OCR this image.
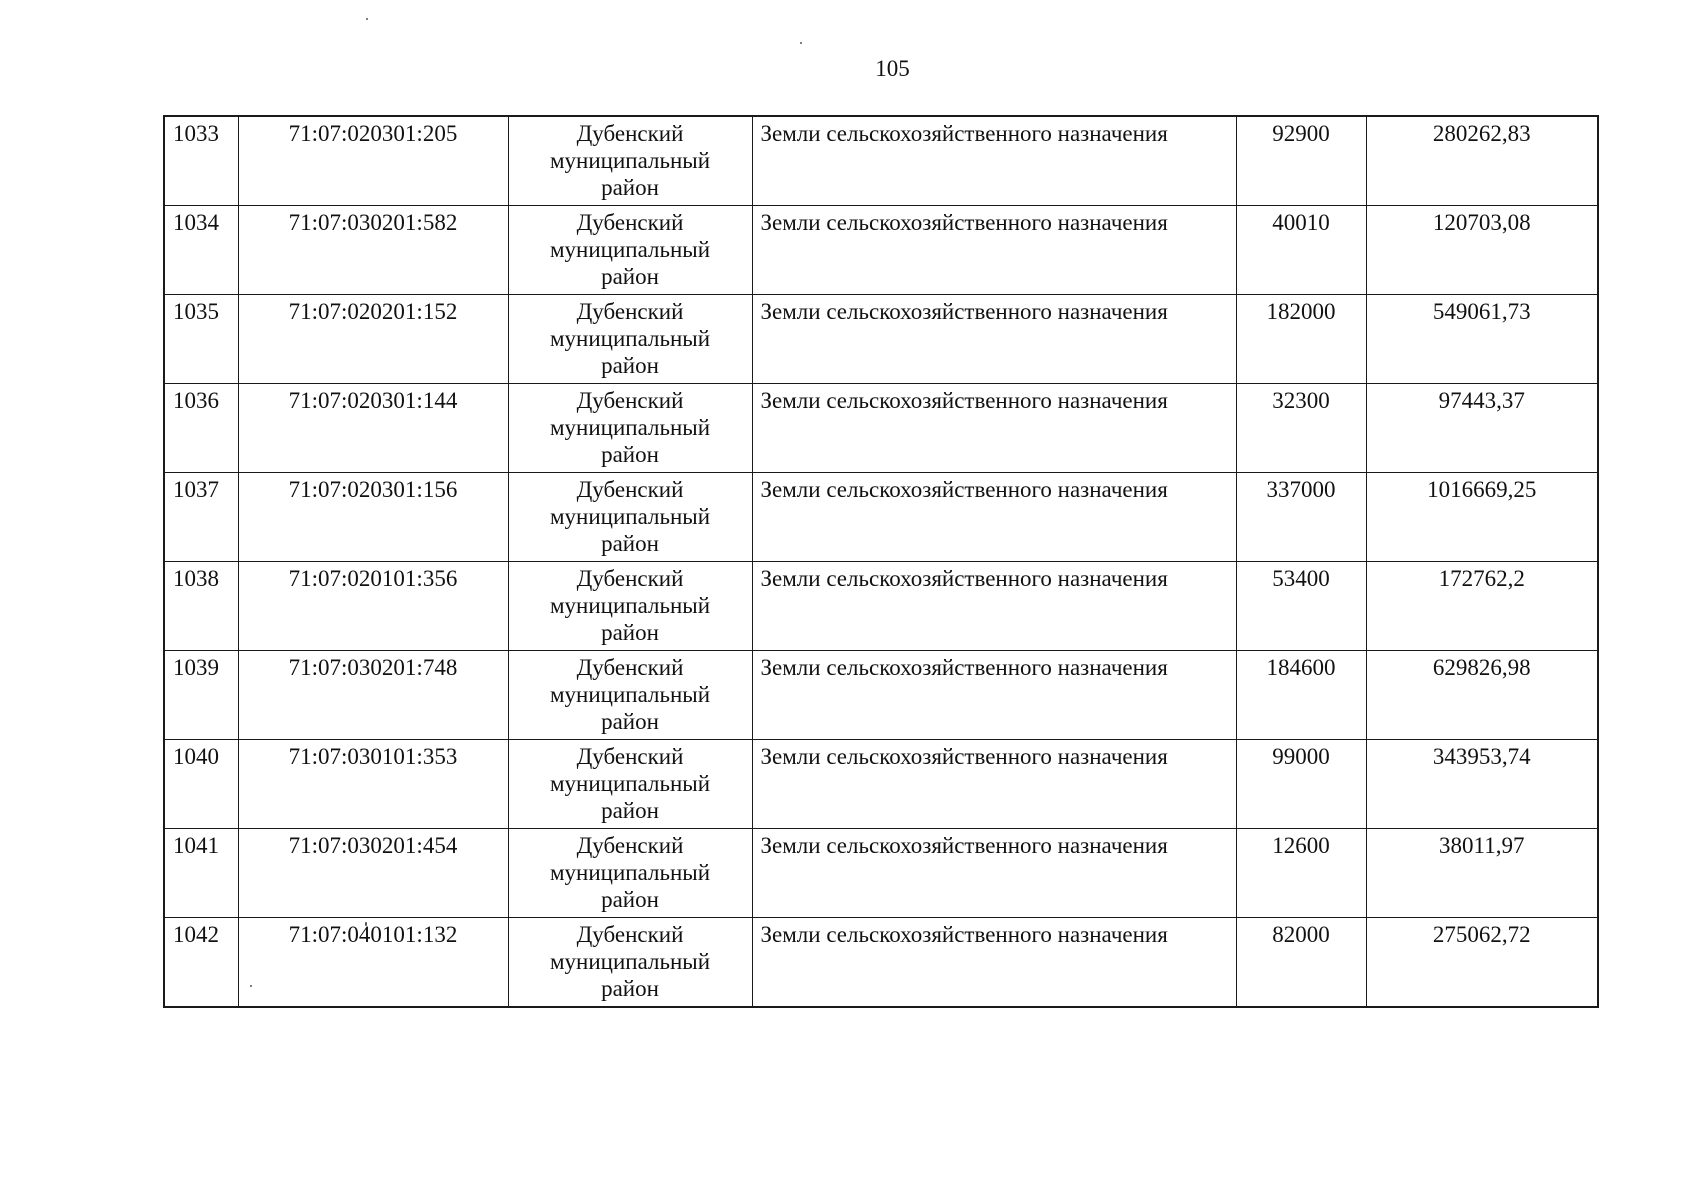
105
1033	71:07:020301:205	Дубенский муниципальный район	Земли сельскохозяйственного назначения	92900	280262,83
1034	71:07:030201:582	Дубенский муниципальный район	Земли сельскохозяйственного назначения	40010	120703,08
1035	71:07:020201:152	Дубенский муниципальный район	Земли сельскохозяйственного назначения	182000	549061,73
1036	71:07:020301:144	Дубенский муниципальный район	Земли сельскохозяйственного назначения	32300	97443,37
1037	71:07:020301:156	Дубенский муниципальный район	Земли сельскохозяйственного назначения	337000	1016669,25
1038	71:07:020101:356	Дубенский муниципальный район	Земли сельскохозяйственного назначения	53400	172762,2
1039	71:07:030201:748	Дубенский муниципальный район	Земли сельскохозяйственного назначения	184600	629826,98
1040	71:07:030101:353	Дубенский муниципальный район	Земли сельскохозяйственного назначения	99000	343953,74
1041	71:07:030201:454	Дубенский муниципальный район	Земли сельскохозяйственного назначения	12600	38011,97
1042	71:07:040101:132	Дубенский муниципальный район	Земли сельскохозяйственного назначения	82000	275062,72
